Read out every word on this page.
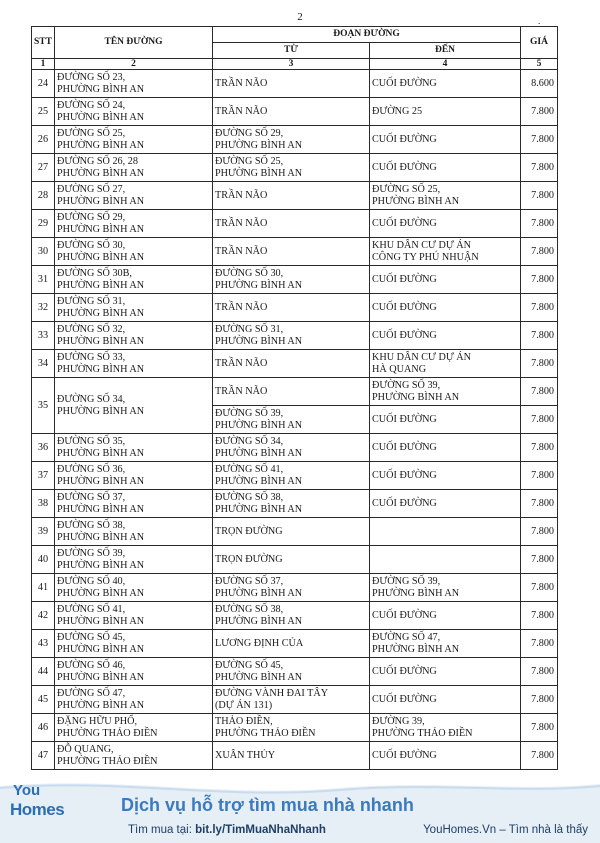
2	.
STT	TÊN ĐƯỜNG	ĐOẠN ĐƯỜNG		GIÁ
		TỪ	ĐẾN	
1	2	3	4	5
24	ĐƯỜNG SỐ 23,
PHƯỜNG BÌNH AN	TRẦN NÃO	CUỐI ĐƯỜNG	8.600
25	ĐƯỜNG SỐ 24,
PHƯỜNG BÌNH AN	TRẦN NÃO	ĐƯỜNG 25	7.800
26	ĐƯỜNG SỐ 25,
PHƯỜNG BÌNH AN	ĐƯỜNG SỐ 29,
PHƯỜNG BÌNH AN	CUỐI ĐƯỜNG	7.800
27	ĐƯỜNG SỐ 26, 28
PHƯỜNG BÌNH AN	ĐƯỜNG SỐ 25,
PHƯỜNG BÌNH AN	CUỐI ĐƯỜNG	7.800
28	ĐƯỜNG SỐ 27,
PHƯỜNG BÌNH AN	TRẦN NÃO	ĐƯỜNG SỐ 25,
PHƯỜNG BÌNH AN	7.800
29	ĐƯỜNG SỐ 29,
PHƯỜNG BÌNH AN	TRẦN NÃO	CUỐI ĐƯỜNG	7.800
30	ĐƯỜNG SỐ 30,
PHƯỜNG BÌNH AN	TRẦN NÃO	KHU DÂN CƯ DỰ ÁN
CÔNG TY PHÚ NHUẬN	7.800
31	ĐƯỜNG SỐ 30B,
PHƯỜNG BÌNH AN	ĐƯỜNG SỐ 30,
PHƯỜNG BÌNH AN	CUỐI ĐƯỜNG	7.800
32	ĐƯỜNG SỐ 31,
PHƯỜNG BÌNH AN	TRẦN NÃO	CUỐI ĐƯỜNG	7.800
33	ĐƯỜNG SỐ 32,
PHƯỜNG BÌNH AN	ĐƯỜNG SỐ 31,
PHƯỜNG BÌNH AN	CUỐI ĐƯỜNG	7.800
34	ĐƯỜNG SỐ 33,
PHƯỜNG BÌNH AN	TRẦN NÃO	KHU DÂN CƯ DỰ ÁN
HÀ QUANG	7.800
35	ĐƯỜNG SỐ 34,
PHƯỜNG BÌNH AN	TRẦN NÃO	ĐƯỜNG SỐ 39,
PHƯỜNG BÌNH AN	7.800
		ĐƯỜNG SỐ 39,
PHƯỜNG BÌNH AN	CUỐI ĐƯỜNG	7.800
36	ĐƯỜNG SỐ 35,
PHƯỜNG BÌNH AN	ĐƯỜNG SỐ 34,
PHƯỜNG BÌNH AN	CUỐI ĐƯỜNG	7.800
37	ĐƯỜNG SỐ 36,
PHƯỜNG BÌNH AN	ĐƯỜNG SỐ 41,
PHƯỜNG BÌNH AN	CUỐI ĐƯỜNG	7.800
38	ĐƯỜNG SỐ 37,
PHƯỜNG BÌNH AN	ĐƯỜNG SỐ 38,
PHƯỜNG BÌNH AN	CUỐI ĐƯỜNG	7.800
39	ĐƯỜNG SỐ 38,
PHƯỜNG BÌNH AN	TRỌN ĐƯỜNG		7.800
40	ĐƯỜNG SỐ 39,
PHƯỜNG BÌNH AN	TRỌN ĐƯỜNG		7.800
41	ĐƯỜNG SỐ 40,
PHƯỜNG BÌNH AN	ĐƯỜNG SỐ 37,
PHƯỜNG BÌNH AN	ĐƯỜNG SỐ 39,
PHƯỜNG BÌNH AN	7.800
42	ĐƯỜNG SỐ 41,
PHƯỜNG BÌNH AN	ĐƯỜNG SỐ 38,
PHƯỜNG BÌNH AN	CUỐI ĐƯỜNG	7.800
43	ĐƯỜNG SỐ 45,
PHƯỜNG BÌNH AN	LƯƠNG ĐỊNH CỦA	ĐƯỜNG SỐ 47,
PHƯỜNG BÌNH AN	7.800
44	ĐƯỜNG SỐ 46,
PHƯỜNG BÌNH AN	ĐƯỜNG SỐ 45,
PHƯỜNG BÌNH AN	CUỐI ĐƯỜNG	7.800
45	ĐƯỜNG SỐ 47,
PHƯỜNG BÌNH AN	ĐƯỜNG VÀNH ĐAI TÂY
(DỰ ÁN 131)	CUỐI ĐƯỜNG	7.800
46	ĐẶNG HỮU PHỔ,
PHƯỜNG THẢO ĐIỀN	THẢO ĐIỀN,
PHƯỜNG THẢO ĐIỀN	ĐƯỜNG 39,
PHƯỜNG THẢO ĐIỀN	7.800
47	ĐỖ QUANG,
PHƯỜNG THẢO ĐIỀN	XUÂN THỦY	CUỐI ĐƯỜNG	7.800
You
Homes	Dịch vụ hỗ trợ tìm mua nhà nhanh
Tìm mua tại: bit.ly/TimMuaNhaNhanh	YouHomes.Vn – Tìm nhà là thấy
